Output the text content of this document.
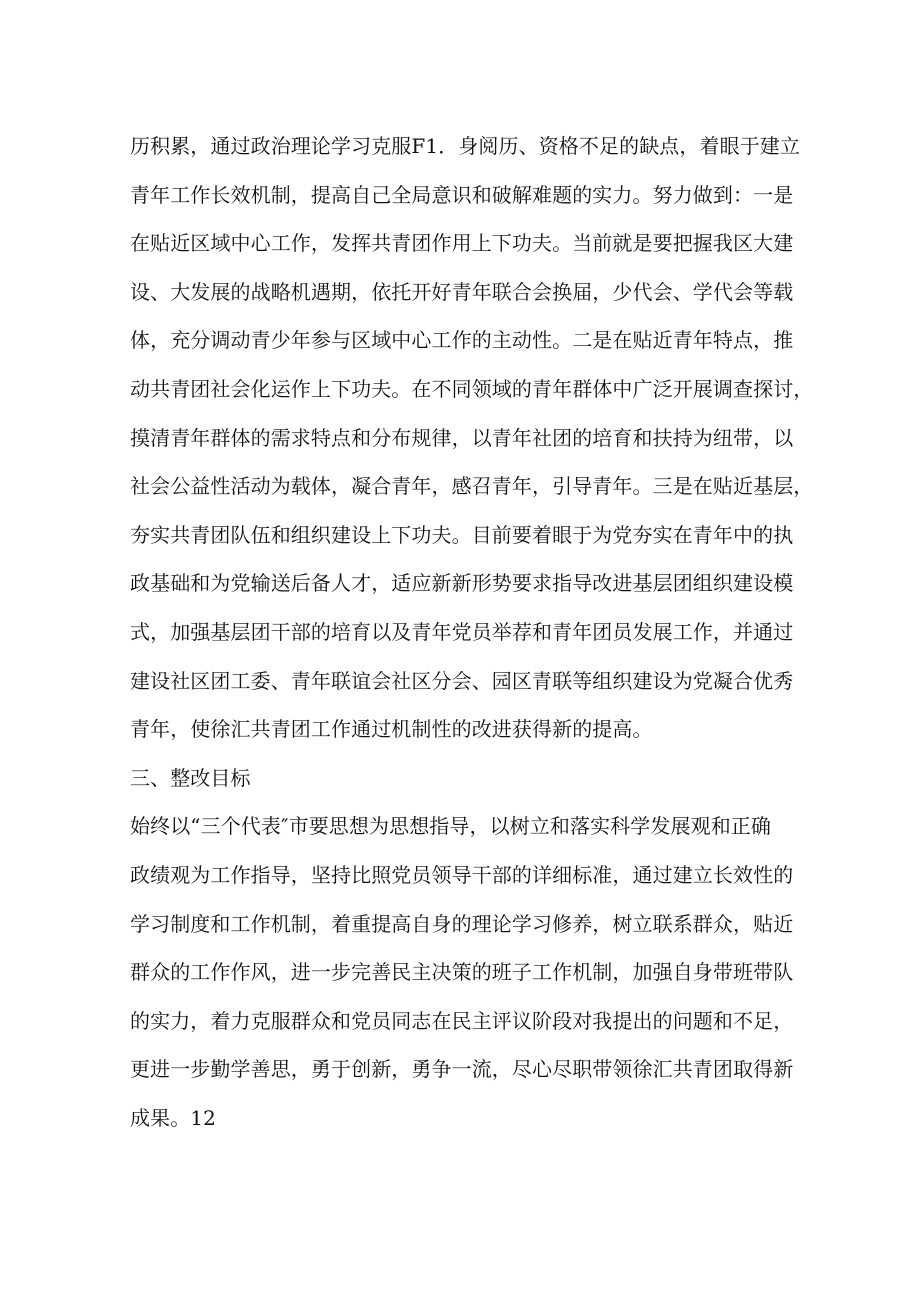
历积累，通过政治理论学习克服F1．身阅历、资格不足的缺点，着眼于建立
青年工作长效机制，提高自己全局意识和破解难题的实力。努力做到：一是
在贴近区域中心工作，发挥共青团作用上下功夫。当前就是要把握我区大建
设、大发展的战略机遇期，依托开好青年联合会换届，少代会、学代会等载
体，充分调动青少年参与区域中心工作的主动性。二是在贴近青年特点，推
动共青团社会化运作上下功夫。在不同领域的青年群体中广泛开展调查探讨，
摸清青年群体的需求特点和分布规律，以青年社团的培育和扶持为纽带，以
社会公益性活动为载体，凝合青年，感召青年，引导青年。三是在贴近基层，
夯实共青团队伍和组织建设上下功夫。目前要着眼于为党夯实在青年中的执
政基础和为党输送后备人才，适应新新形势要求指导改进基层团组织建设模
式，加强基层团干部的培育以及青年党员举荐和青年团员发展工作，并通过
建设社区团工委、青年联谊会社区分会、园区青联等组织建设为党凝合优秀
青年，使徐汇共青团工作通过机制性的改进获得新的提高。
三、整改目标
始终以“三个代表″市要思想为思想指导，以树立和落实科学发展观和正确
政绩观为工作指导，坚持比照党员领导干部的详细标准，通过建立长效性的
学习制度和工作机制，着重提高自身的理论学习修养，树立联系群众，贴近
群众的工作作风，进一步完善民主决策的班子工作机制，加强自身带班带队
的实力，着力克服群众和党员同志在民主评议阶段对我提出的问题和不足，
更进一步勤学善思，勇于创新，勇争一流，尽心尽职带领徐汇共青团取得新
成果。12
